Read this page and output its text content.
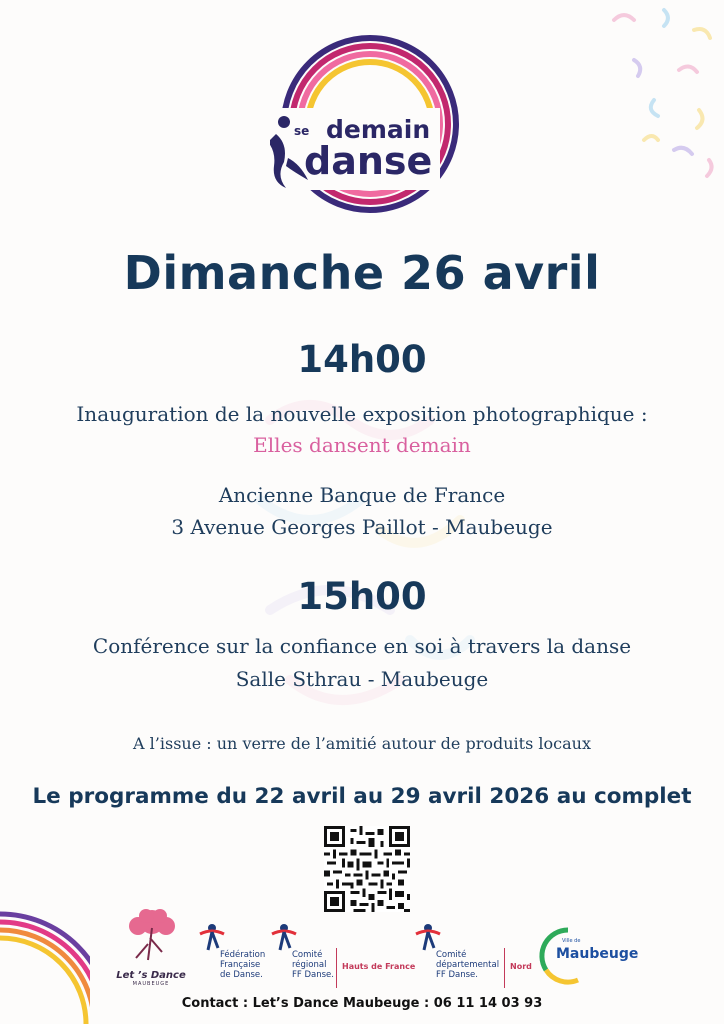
se demain
danse
Dimanche 26 avril
14h00
Inauguration de la nouvelle exposition photographique :
Elles dansent demain
Ancienne Banque de France
3 Avenue Georges Paillot - Maubeuge
15h00
Conférence sur la confiance en soi à travers la danse
Salle Sthrau - Maubeuge
A l’issue : un verre de l’amitié autour de produits locaux
Le programme du 22 avril au 29 avril 2026 au complet
Let ’s Dance
MAUBEUGE
Fédération
Française
de Danse.
Comité
régional
FF Danse.
Hauts de France
Comité
départemental
FF Danse.
Nord
Ville de
Maubeuge
Contact : Let’s Dance Maubeuge : 06 11 14 03 93
